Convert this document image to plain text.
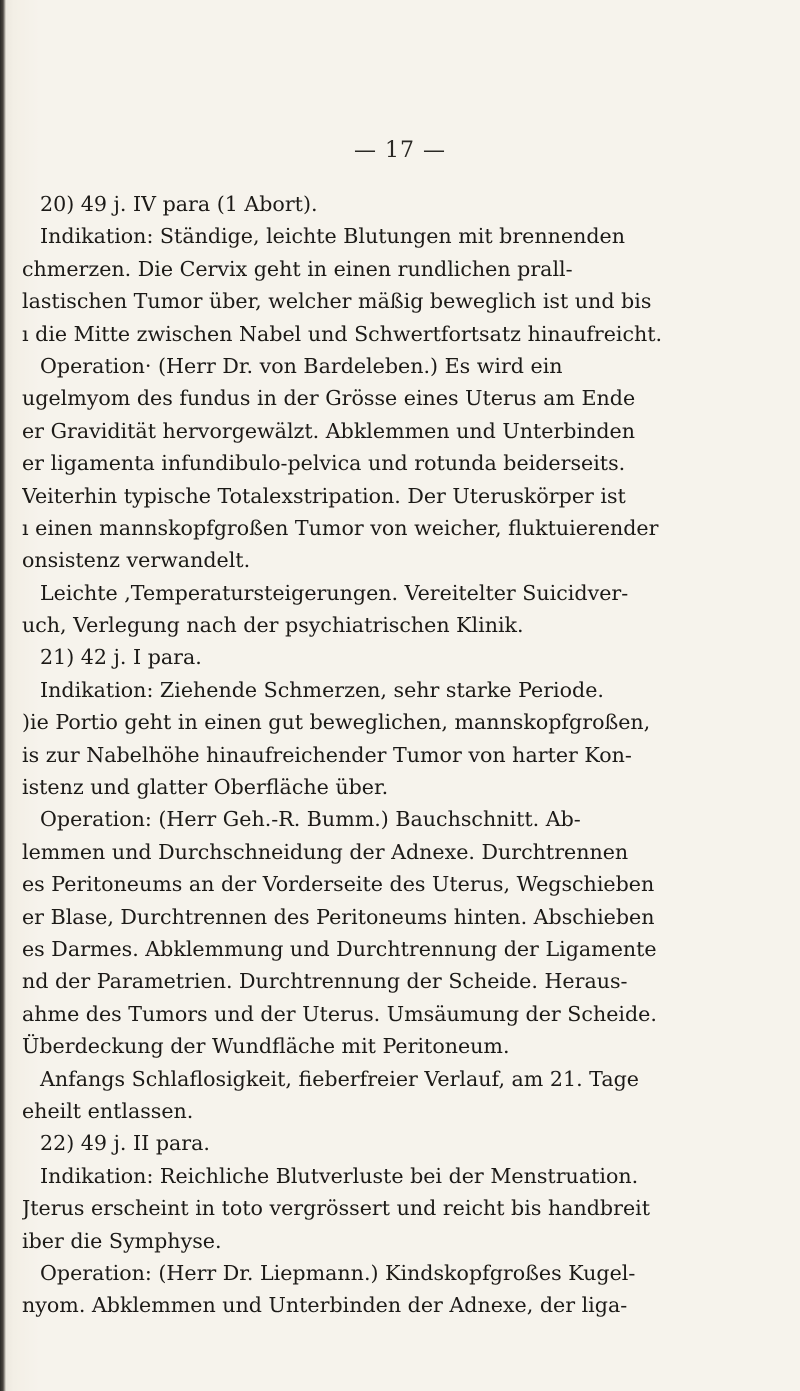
— 17 —
20) 49 j. IV para (1 Abort).
Indikation: Ständige, leichte Blutungen mit brennenden
chmerzen. Die Cervix geht in einen rundlichen prall-
lastischen Tumor über, welcher mäßig beweglich ist und bis
ı die Mitte zwischen Nabel und Schwertfortsatz hinaufreicht.
Operation· (Herr Dr. von Bardeleben.) Es wird ein
ugelmyom des fundus in der Grösse eines Uterus am Ende
er Gravidität hervorgewälzt. Abklemmen und Unterbinden
er ligamenta infundibulo-pelvica und rotunda beiderseits.
Veiterhin typische Totalexstripation. Der Uteruskörper ist
ı einen mannskopfgroßen Tumor von weicher, fluktuierender
onsistenz verwandelt.
Leichte ,Temperatursteigerungen. Vereitelter Suicidver-
uch, Verlegung nach der psychiatrischen Klinik.
21) 42 j. I para.
Indikation: Ziehende Schmerzen, sehr starke Periode.
)ie Portio geht in einen gut beweglichen, mannskopfgroßen,
is zur Nabelhöhe hinaufreichender Tumor von harter Kon-
istenz und glatter Oberfläche über.
Operation: (Herr Geh.-R. Bumm.) Bauchschnitt. Ab-
lemmen und Durchschneidung der Adnexe. Durchtrennen
es Peritoneums an der Vorderseite des Uterus, Wegschieben
er Blase, Durchtrennen des Peritoneums hinten. Abschieben
es Darmes. Abklemmung und Durchtrennung der Ligamente
nd der Parametrien. Durchtrennung der Scheide. Heraus-
ahme des Tumors und der Uterus. Umsäumung der Scheide.
Überdeckung der Wundfläche mit Peritoneum.
Anfangs Schlaflosigkeit, fieberfreier Verlauf, am 21. Tage
eheilt entlassen.
22) 49 j. II para.
Indikation: Reichliche Blutverluste bei der Menstruation.
Jterus erscheint in toto vergrössert und reicht bis handbreit
iber die Symphyse.
Operation: (Herr Dr. Liepmann.) Kindskopfgroßes Kugel-
nyom. Abklemmen und Unterbinden der Adnexe, der liga-
